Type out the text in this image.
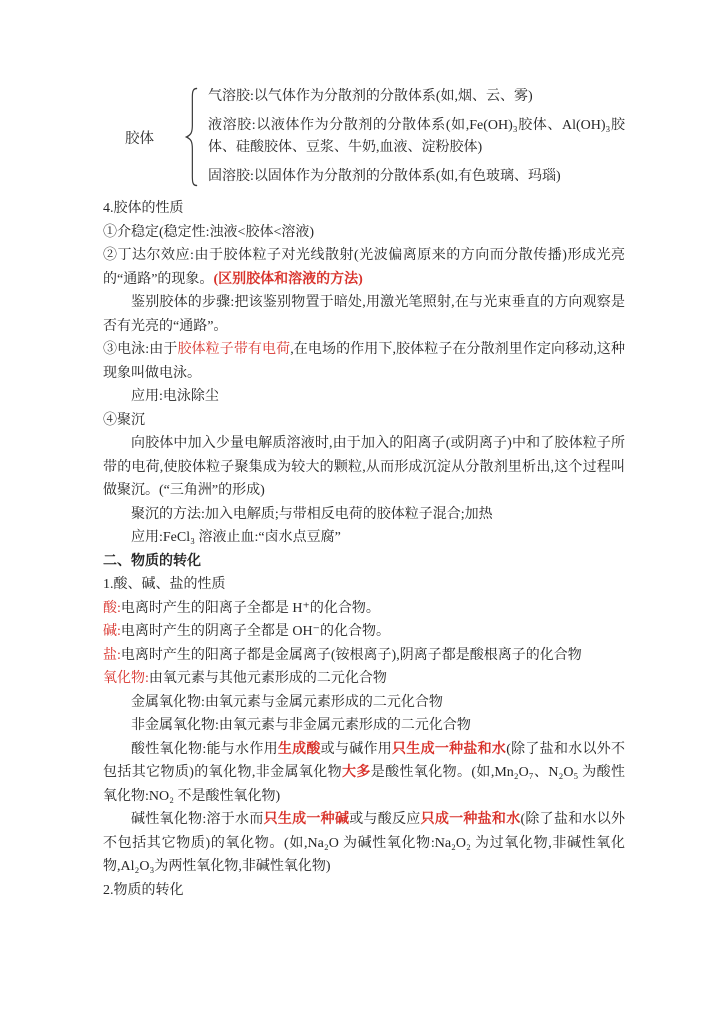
胶体
气溶胶:以气体作为分散剂的分散体系(如,烟、云、雾)
液溶胶:以液体作为分散剂的分散体系(如,Fe(OH)₃胶体、Al(OH)₃胶体、硅酸胶体、豆浆、牛奶,血液、淀粉胶体)
固溶胶:以固体作为分散剂的分散体系(如,有色玻璃、玛瑙)

4.胶体的性质

①介稳定(稳定性:浊液<胶体<溶液)

②丁达尔效应:由于胶体粒子对光线散射(光波偏离原来的方向而分散传播)形成光亮的“通路”的现象。(区别胶体和溶液的方法)

鉴别胶体的步骤:把该鉴别物置于暗处,用激光笔照射,在与光束垂直的方向观察是否有光亮的“通路”。

③电泳:由于胶体粒子带有电荷,在电场的作用下,胶体粒子在分散剂里作定向移动,这种现象叫做电泳。

应用:电泳除尘

④聚沉

向胶体中加入少量电解质溶液时,由于加入的阳离子(或阴离子)中和了胶体粒子所带的电荷,使胶体粒子聚集成为较大的颗粒,从而形成沉淀从分散剂里析出,这个过程叫做聚沉。(“三角洲”的形成)

聚沉的方法:加入电解质;与带相反电荷的胶体粒子混合;加热

应用:FeCl₃ 溶液止血:“卤水点豆腐”

二、物质的转化

1.酸、碱、盐的性质

酸:电离时产生的阳离子全都是 H⁺的化合物。

碱:电离时产生的阴离子全都是 OH⁻的化合物。

盐:电离时产生的阳离子都是金属离子(铵根离子),阴离子都是酸根离子的化合物

氧化物:由氧元素与其他元素形成的二元化合物

金属氧化物:由氧元素与金属元素形成的二元化合物

非金属氧化物:由氧元素与非金属元素形成的二元化合物

酸性氧化物:能与水作用生成酸或与碱作用只生成一种盐和水(除了盐和水以外不包括其它物质)的氧化物,非金属氧化物大多是酸性氧化物。(如,Mn₂O₇、N₂O₅ 为酸性氧化物:NO₂ 不是酸性氧化物)

碱性氧化物:溶于水而只生成一种碱或与酸反应只成一种盐和水(除了盐和水以外不包括其它物质)的氧化物。(如,Na₂O 为碱性氧化物:Na₂O₂ 为过氧化物,非碱性氧化物,Al₂O₃为两性氧化物,非碱性氧化物)

2.物质的转化
